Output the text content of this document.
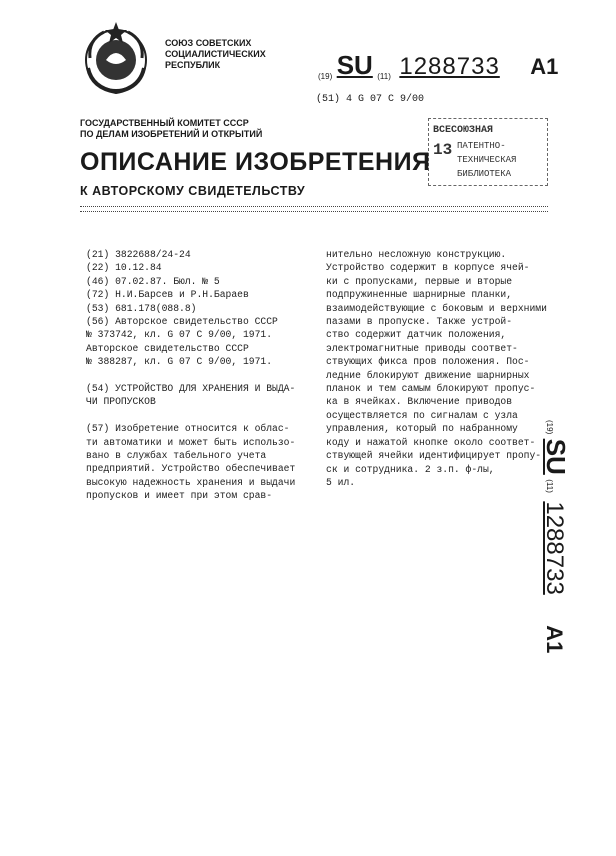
СОЮЗ СОВЕТСКИХ
СОЦИАЛИСТИЧЕСКИХ
РЕСПУБЛИК
(19) SU (11) 1288733 A1
(51) 4 G 07 C 9/00
ВСЕСОЮЗНАЯ
13 ПАТЕНТНО-
ТЕХНИЧЕСКАЯ
БИБЛИОТЕКА
ГОСУДАРСТВЕННЫЙ КОМИТЕТ СССР
ПО ДЕЛАМ ИЗОБРЕТЕНИЙ И ОТКРЫТИЙ
ОПИСАНИЕ ИЗОБРЕТЕНИЯ
К АВТОРСКОМУ СВИДЕТЕЛЬСТВУ
(21) 3822688/24-24
(22) 10.12.84
(46) 07.02.87. Бюл. № 5
(72) Н.И.Барсев и Р.Н.Бараев
(53) 681.178(088.8)
(56) Авторское свидетельство СССР
№ 373742, кл. G 07 C 9/00, 1971.
Авторское свидетельство СССР
№ 388287, кл. G 07 C 9/00, 1971.
(54) УСТРОЙСТВО ДЛЯ ХРАНЕНИЯ И ВЫДА-
ЧИ ПРОПУСКОВ
(57) Изобретение относится к облас-
ти автоматики и может быть использо-
вано в службах табельного учета
предприятий. Устройство обеспечивает
высокую надежность хранения и выдачи
пропусков и имеет при этом срав-
нительно несложную конструкцию.
Устройство содержит в корпусе ячей-
ки с пропусками, первые и вторые
подпружиненные шарнирные планки,
взаимодействующие с боковым и верхними
пазами в пропуске. Также устрой-
ство содержит датчик положения,
электромагнитные приводы соответ-
ствующих фикса пров положения. Пос-
ледние блокируют движение шарнирных
планок и тем самым блокируют пропус-
ка в ячейках. Включение приводов
осуществляется по сигналам с узла
управления, который по набранному
коду и нажатой кнопке около соответ-
ствующей ячейки идентифицирует пропу-
ск и сотрудника. 2 з.п. ф-лы,
5 ил.
(19) SU (11) 1288733 A1
